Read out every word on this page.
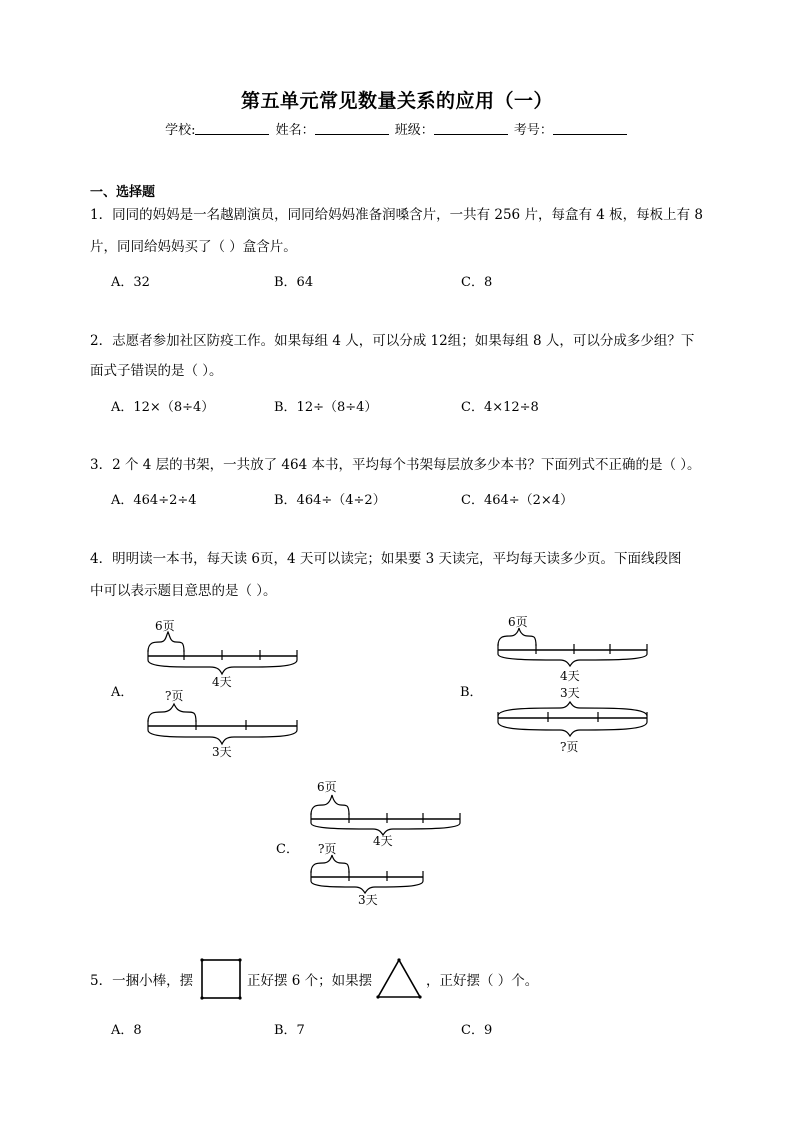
第五单元常见数量关系的应用（一）
学校:	姓名：	班级：	考号：
一、选择题
1．同同的妈妈是一名越剧演员，同同给妈妈准备润嗓含片，一共有 256 片，每盒有 4 板，每板上有 8
片，同同给妈妈买了（ ）盒含片。
A．32	B．64	C．8
2．志愿者参加社区防疫工作。如果每组 4 人，可以分成 12组；如果每组 8 人，可以分成多少组？下
面式子错误的是（ ）。
A．12×（8÷4）	B．12÷（8÷4）	C．4×12÷8
3．2 个 4 层的书架，一共放了 464 本书，平均每个书架每层放多少本书？下面列式不正确的是（ ）。
A．464÷2÷4	B．464÷（4÷2）	C．464÷（2×4）
4．明明读一本书，每天读 6页，4 天可以读完；如果要 3 天读完，平均每天读多少页。下面线段图
中可以表示题目意思的是（ ）。
A．
6页
4天
?页
3天
B．
6页
4天
3天
?页
C．
6页
4天
?页
3天
5．一捆小棒，摆	正好摆 6 个；如果摆	，正好摆（ ）个。
A．8	B．7	C．9
